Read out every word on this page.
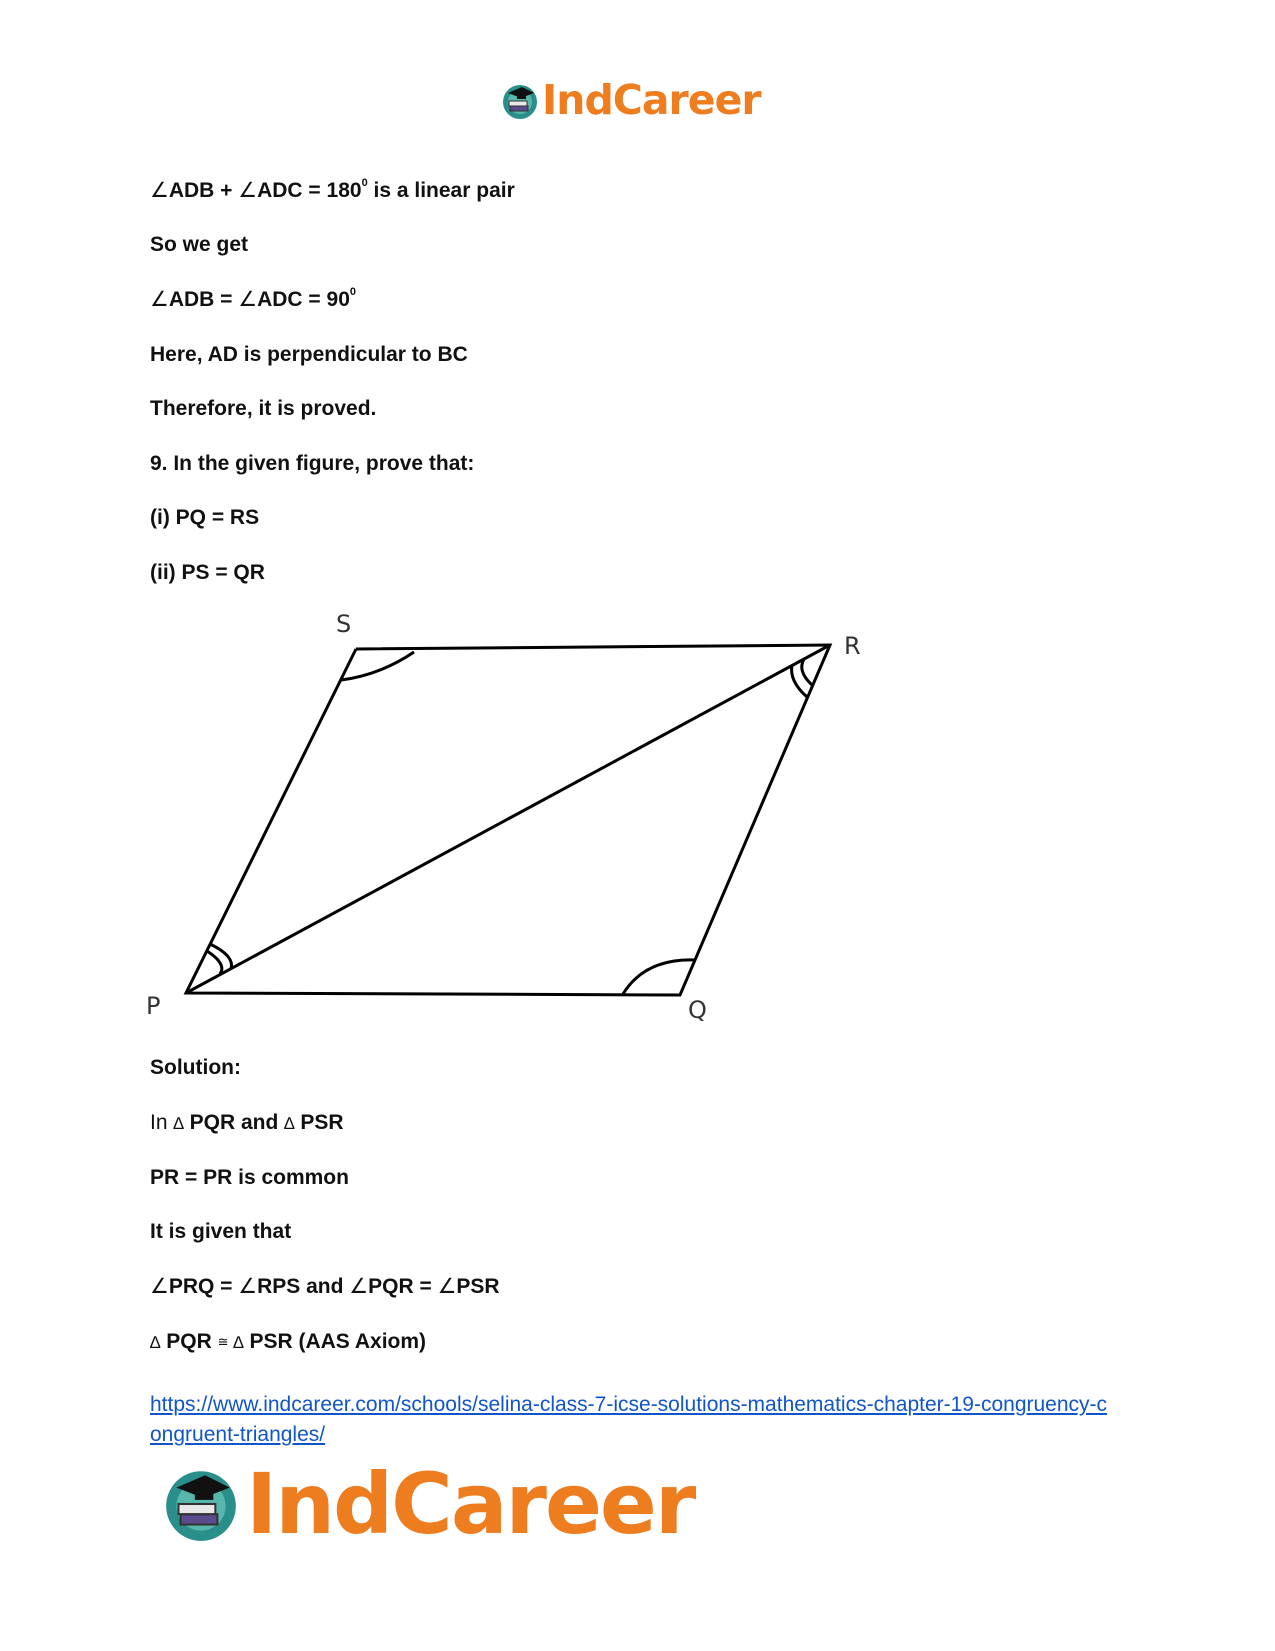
IndCareer
∠ADB + ∠ADC = $180^0$ is a linear pair
So we get
∠ADB = ∠ADC = $90^0$
Here, AD is perpendicular to BC
Therefore, it is proved.
9. In the given figure, prove that:
(i) PQ = RS
(ii) PS = QR
S
R
P	Q
Solution:
In ∆ PQR and ∆ PSR
PR = PR is common
It is given that
∠PRQ = ∠RPS and ∠PQR = ∠PSR
∆ PQR ≅ ∆ PSR (AAS Axiom)
https://www.indcareer.com/schools/selina-class-7-icse-solutions-mathematics-chapter-19-congruency-congruent-triangles/
IndCareer
